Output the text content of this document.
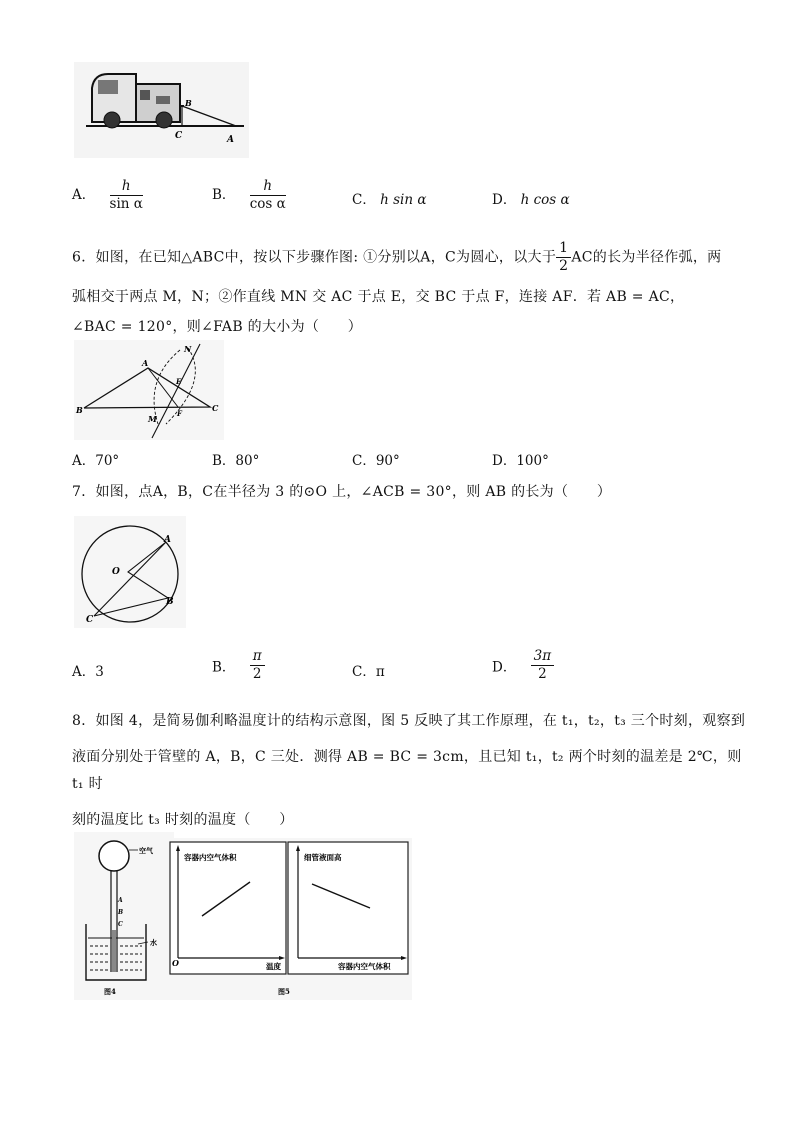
B
C	A
A． $\frac{h}{\text{sin α}}$	B． $\frac{h}{\text{cos α}}$	C． h sin α	D． h cos α
6．如图，在已知△ABC中，按以下步骤作图: ①分别以A，C为圆心，以大于 $\frac{1}{2}$ AC的长为半径作弧，两
弧相交于两点 M，N；②作直线 MN 交 AC 于点 E，交 BC 于点 F，连接 AF．若 AB = AC，
∠BAC = 120°，则∠FAB 的大小为（　　）
A
B	C
N
E
M
F
A．70°	B．80°	C．90°	D．100°
7．如图，点A，B，C在半径为 3 的⊙O 上，∠ACB = 30°，则 AB 的长为（　　）
O
A
B
C
A．3	B． $\frac{\pi}{2}$	C．π	D． $\frac{3\pi}{2}$
8．如图 4，是简易伽利略温度计的结构示意图，图 5 反映了其工作原理，在 t₁，t₂，t₃ 三个时刻，观察到
液面分别处于管壁的 A，B，C 三处．测得 AB = BC = 3cm，且已知 t₁，t₂ 两个时刻的温差是 2℃，则 t₁ 时
刻的温度比 t₃ 时刻的温度（　　）
空气
A
B
C
水
图4
容器内空气体积
温度
O
细管液面高
容器内空气体积
图5
